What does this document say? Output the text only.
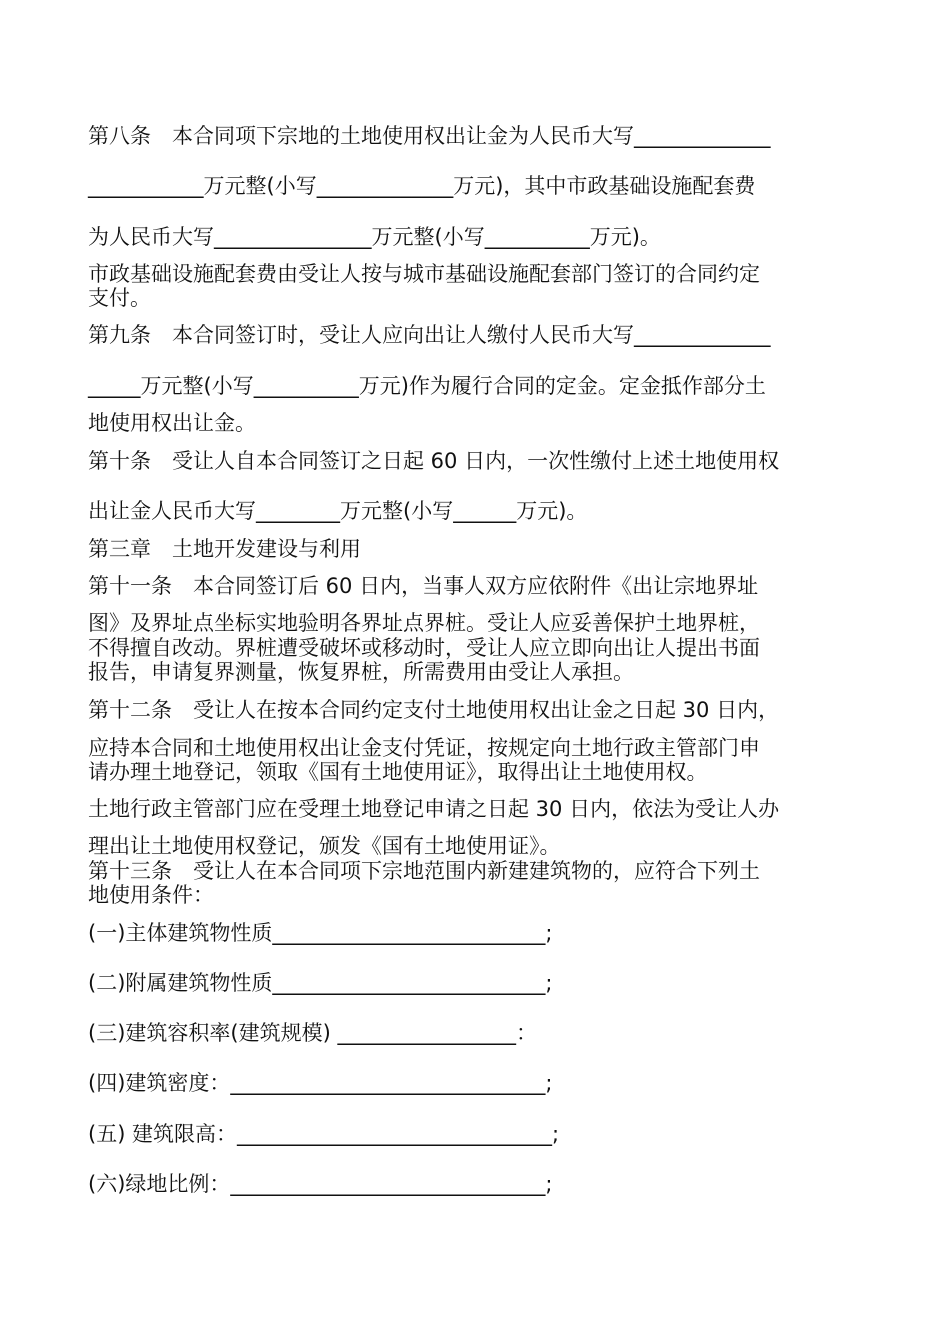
第八条　本合同项下宗地的土地使用权出让金为人民币大写_____________

___________万元整(小写_____________万元)，其中市政基础设施配套费

为人民币大写_______________万元整(小写__________万元)。

市政基础设施配套费由受让人按与城市基础设施配套部门签订的合同约定

支付。

第九条　本合同签订时，受让人应向出让人缴付人民币大写_____________

_____万元整(小写__________万元)作为履行合同的定金。定金抵作部分土

地使用权出让金。

第十条　受让人自本合同签订之日起 60 日内，一次性缴付上述土地使用权

出让金人民币大写________万元整(小写______万元)。

第三章　土地开发建设与利用

第十一条　本合同签订后 60 日内，当事人双方应依附件《出让宗地界址

图》及界址点坐标实地验明各界址点界桩。受让人应妥善保护土地界桩，

不得擅自改动。界桩遭受破坏或移动时，受让人应立即向出让人提出书面

报告，申请复界测量，恢复界桩，所需费用由受让人承担。

第十二条　受让人在按本合同约定支付土地使用权出让金之日起 30 日内，

应持本合同和土地使用权出让金支付凭证，按规定向土地行政主管部门申

请办理土地登记，领取《国有土地使用证》，取得出让土地使用权。

土地行政主管部门应在受理土地登记申请之日起 30 日内，依法为受让人办

理出让土地使用权登记，颁发《国有土地使用证》。

第十三条　受让人在本合同项下宗地范围内新建建筑物的，应符合下列土

地使用条件：

(一)主体建筑物性质__________________________;

(二)附属建筑物性质__________________________;

(三)建筑容积率(建筑规模) _________________：

(四)建筑密度：______________________________;

(五) 建筑限高：______________________________;

(六)绿地比例：______________________________;
